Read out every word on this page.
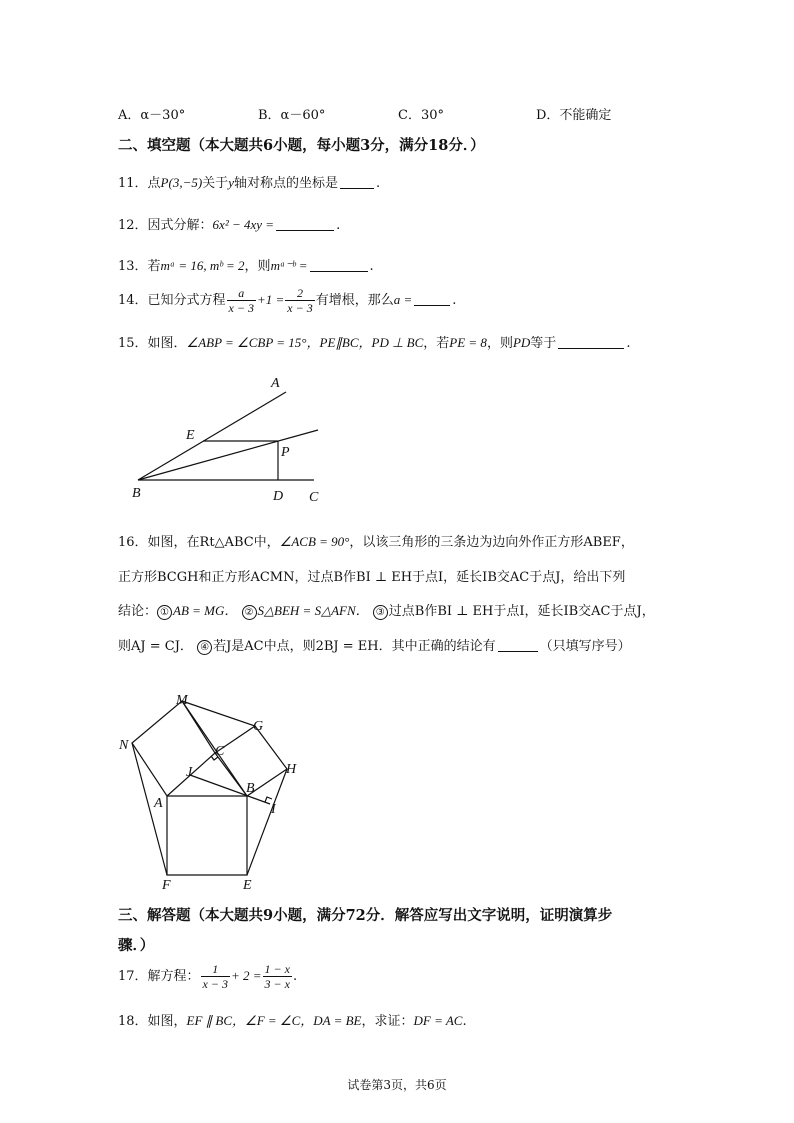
A．α－30°	B．α－60°	C．30°	D．不能确定
二、填空题（本大题共6小题，每小题3分，满分18分．）
11．点P(3,−5)关于y轴对称点的坐标是	.
12．因式分解：6x² − 4xy =	.
13．若mᵃ = 16, mᵇ = 2，则mᵃ⁻ᵇ =	.
14．已知分式方程 $\frac{a}{x - 3} +1 = \frac{2}{x - 3}$ 有增根，那么a =	.
15．如图．∠ABP = ∠CBP = 15°，PE∥BC，PD ⊥ BC，若PE = 8，则PD等于	.
A
E
P
B	D C
16．如图，在Rt△ABC中，∠ACB = 90°，以该三角形的三条边为边向外作正方形ABEF，
正方形BCGH和正方形ACMN，过点B作BI ⊥ EH于点I，延长IB交AC于点J，给出下列
结论： ① AB = MG． ② S△BEH = S△AFN． ③ 过点B作BI ⊥ EH于点I，延长IB交AC于点J，
则AJ = CJ． ④ 若J是AC中点，则2BJ = EH．其中正确的结论有	（只填写序号）
M
G
N	C
H
J
B
A	I
F	E
三、解答题（本大题共9小题，满分72分．解答应写出文字说明，证明演算步
骤．）
17．解方程： $\frac{1}{x - 3} + 2 = \frac{1 - x}{3 - x}$ .
18．如图，EF ∥ BC，∠F = ∠C，DA = BE，求证：DF = AC.
试卷第3页，共6页
